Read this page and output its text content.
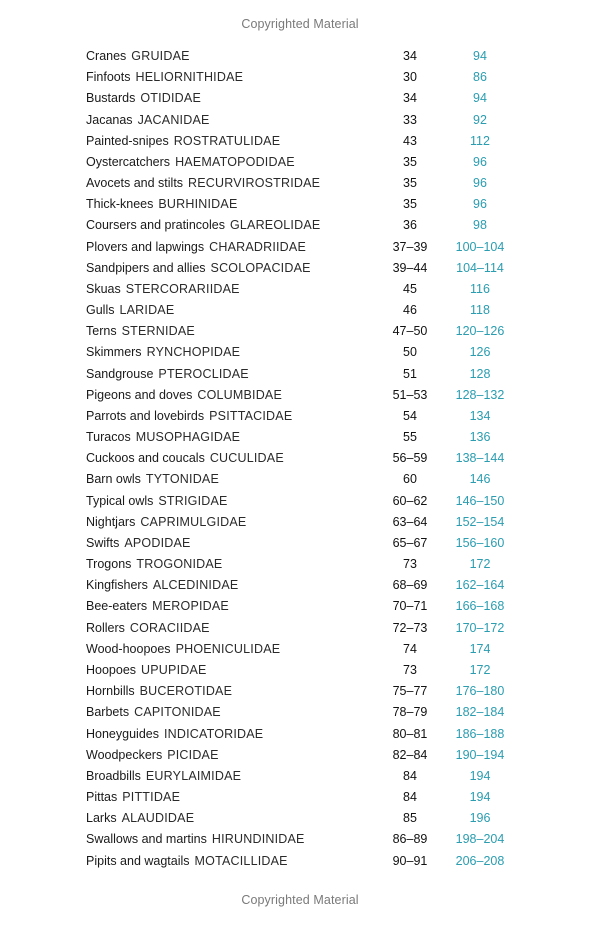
Copyrighted Material
Cranes GRUIDAE	34	94
Finfoots HELIORNITHIDAE	30	86
Bustards OTIDIDAE	34	94
Jacanas JACANIDAE	33	92
Painted-snipes ROSTRATULIDAE	43	112
Oystercatchers HAEMATOPODIDAE	35	96
Avocets and stilts RECURVIROSTRIDAE	35	96
Thick-knees BURHINIDAE	35	96
Coursers and pratincoles GLAREOLIDAE	36	98
Plovers and lapwings CHARADRIIDAE	37–39	100–104
Sandpipers and allies SCOLOPACIDAE	39–44	104–114
Skuas STERCORARIIDAE	45	116
Gulls LARIDAE	46	118
Terns STERNIDAE	47–50	120–126
Skimmers RYNCHOPIDAE	50	126
Sandgrouse PTEROCLIDAE	51	128
Pigeons and doves COLUMBIDAE	51–53	128–132
Parrots and lovebirds PSITTACIDAE	54	134
Turacos MUSOPHAGIDAE	55	136
Cuckoos and coucals CUCULIDAE	56–59	138–144
Barn owls TYTONIDAE	60	146
Typical owls STRIGIDAE	60–62	146–150
Nightjars CAPRIMULGIDAE	63–64	152–154
Swifts APODIDAE	65–67	156–160
Trogons TROGONIDAE	73	172
Kingfishers ALCEDINIDAE	68–69	162–164
Bee-eaters MEROPIDAE	70–71	166–168
Rollers CORACIIDAE	72–73	170–172
Wood-hoopoes PHOENICULIDAE	74	174
Hoopoes UPUPIDAE	73	172
Hornbills BUCEROTIDAE	75–77	176–180
Barbets CAPITONIDAE	78–79	182–184
Honeyguides INDICATORIDAE	80–81	186–188
Woodpeckers PICIDAE	82–84	190–194
Broadbills EURYLAIMIDAE	84	194
Pittas PITTIDAE	84	194
Larks ALAUDIDAE	85	196
Swallows and martins HIRUNDINIDAE	86–89	198–204
Pipits and wagtails MOTACILLIDAE	90–91	206–208
Copyrighted Material
